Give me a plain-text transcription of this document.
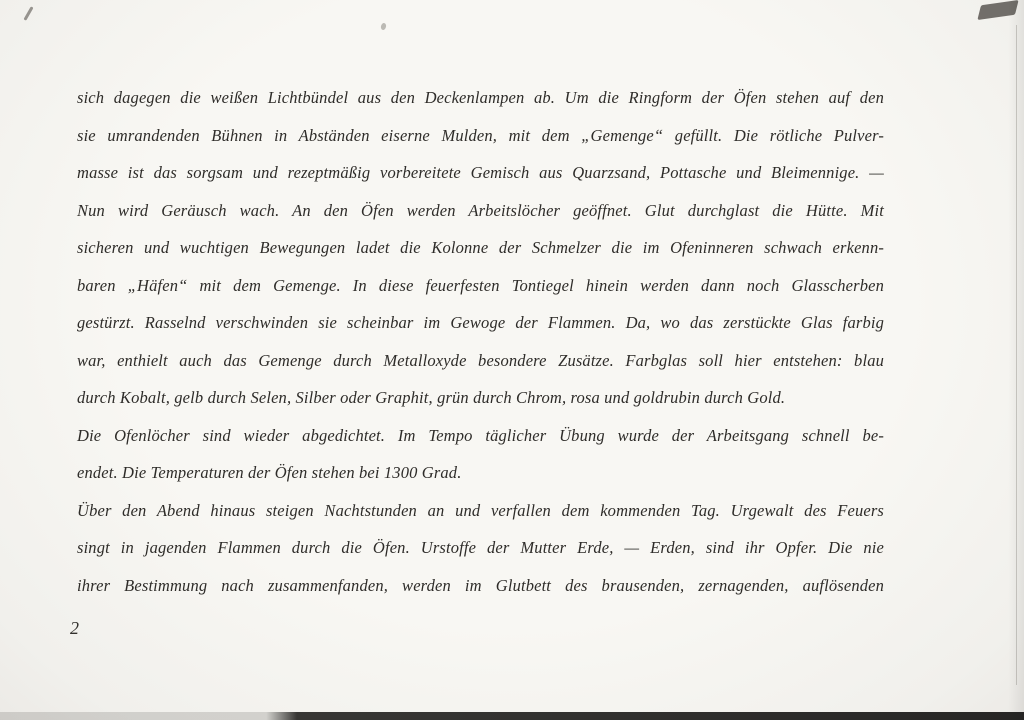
sich dagegen die weißen Lichtbündel aus den Deckenlampen ab. Um die Ringform der Öfen stehen auf den
sie umrandenden Bühnen in Abständen eiserne Mulden, mit dem „Gemenge“ gefüllt. Die rötliche Pulver-
masse ist das sorgsam und rezeptmäßig vorbereitete Gemisch aus Quarzsand, Pottasche und Bleimennige. —
Nun wird Geräusch wach. An den Öfen werden Arbeitslöcher geöffnet. Glut durchglast die Hütte. Mit
sicheren und wuchtigen Bewegungen ladet die Kolonne der Schmelzer die im Ofeninneren schwach erkenn-
baren „Häfen“ mit dem Gemenge. In diese feuerfesten Tontiegel hinein werden dann noch Glasscherben
gestürzt. Rasselnd verschwinden sie scheinbar im Gewoge der Flammen. Da, wo das zerstückte Glas farbig
war, enthielt auch das Gemenge durch Metalloxyde besondere Zusätze. Farbglas soll hier entstehen: blau
durch Kobalt, gelb durch Selen, Silber oder Graphit, grün durch Chrom, rosa und goldrubin durch Gold.
Die Ofenlöcher sind wieder abgedichtet. Im Tempo täglicher Übung wurde der Arbeitsgang schnell be-
endet. Die Temperaturen der Öfen stehen bei 1300 Grad.
Über den Abend hinaus steigen Nachtstunden an und verfallen dem kommenden Tag. Urgewalt des Feuers
singt in jagenden Flammen durch die Öfen. Urstoffe der Mutter Erde, — Erden, sind ihr Opfer. Die nie
ihrer Bestimmung nach zusammenfanden, werden im Glutbett des brausenden, zernagenden, auflösenden
2
